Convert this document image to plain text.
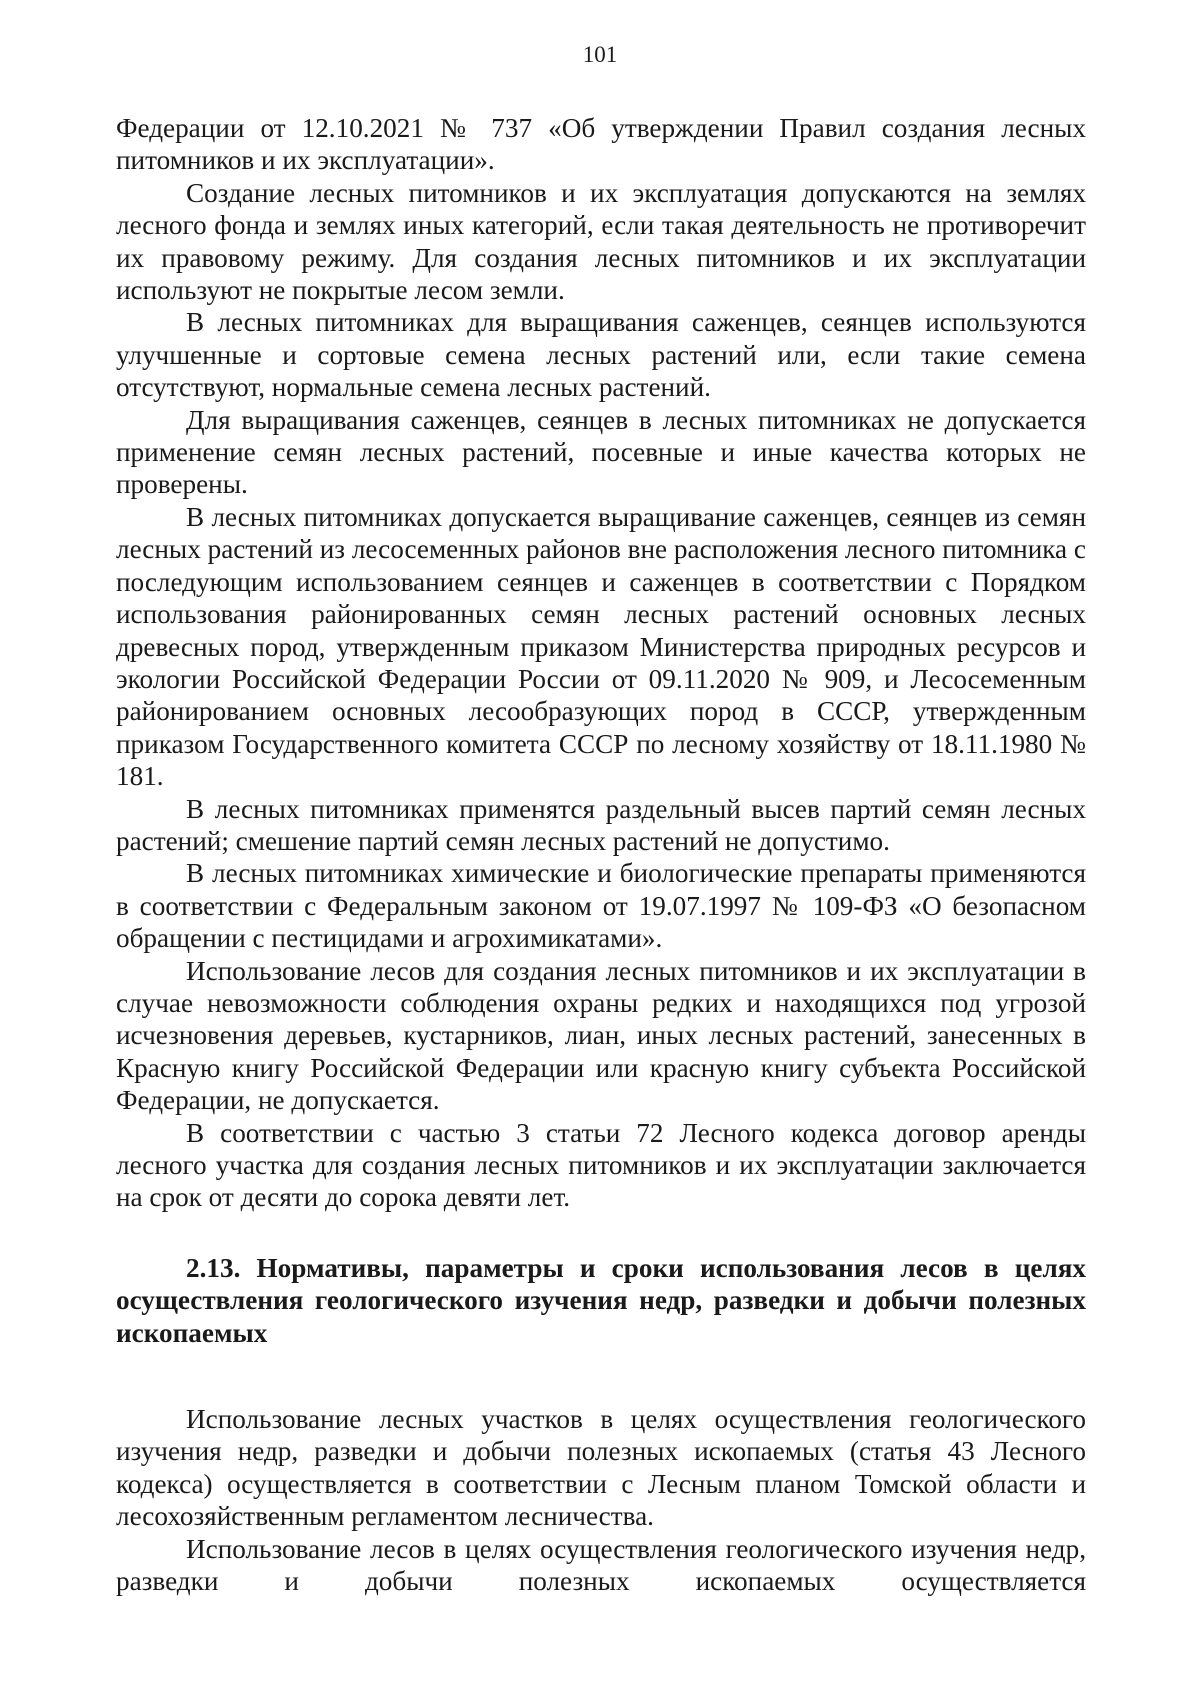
101

Федерации от 12.10.2021 № 737 «Об утверждении Правил создания лесных питомников и их эксплуатации».

Создание лесных питомников и их эксплуатация допускаются на землях лесного фонда и землях иных категорий, если такая деятельность не противоречит их правовому режиму. Для создания лесных питомников и их эксплуатации используют не покрытые лесом земли.

В лесных питомниках для выращивания саженцев, сеянцев используются улучшенные и сортовые семена лесных растений или, если такие семена отсутствуют, нормальные семена лесных растений.

Для выращивания саженцев, сеянцев в лесных питомниках не допускается применение семян лесных растений, посевные и иные качества которых не проверены.

В лесных питомниках допускается выращивание саженцев, сеянцев из семян лесных растений из лесосеменных районов вне расположения лесного питомника с последующим использованием сеянцев и саженцев в соответствии с Порядком использования районированных семян лесных растений основных лесных древесных пород, утвержденным приказом Министерства природных ресурсов и экологии Российской Федерации России от 09.11.2020 № 909, и Лесосеменным районированием основных лесообразующих пород в СССР, утвержденным приказом Государственного комитета СССР по лесному хозяйству от 18.11.1980 № 181.

В лесных питомниках применятся раздельный высев партий семян лесных растений; смешение партий семян лесных растений не допустимо.

В лесных питомниках химические и биологические препараты применяются в соответствии с Федеральным законом от 19.07.1997 № 109-ФЗ «О безопасном обращении с пестицидами и агрохимикатами».

Использование лесов для создания лесных питомников и их эксплуатации в случае невозможности соблюдения охраны редких и находящихся под угрозой исчезновения деревьев, кустарников, лиан, иных лесных растений, занесенных в Красную книгу Российской Федерации или красную книгу субъекта Российской Федерации, не допускается.

В соответствии с частью 3 статьи 72 Лесного кодекса договор аренды лесного участка для создания лесных питомников и их эксплуатации заключается на срок от десяти до сорока девяти лет.

2.13. Нормативы, параметры и сроки использования лесов в целях осуществления геологического изучения недр, разведки и добычи полезных ископаемых

Использование лесных участков в целях осуществления геологического изучения недр, разведки и добычи полезных ископаемых (статья 43 Лесного кодекса) осуществляется в соответствии с Лесным планом Томской области и лесохозяйственным регламентом лесничества.

Использование лесов в целях осуществления геологического изучения недр, разведки и добычи полезных ископаемых осуществляется
